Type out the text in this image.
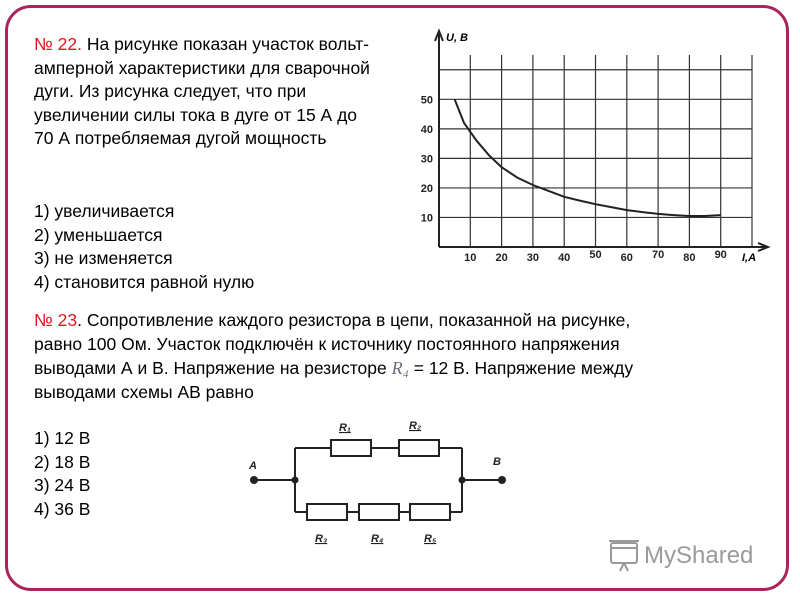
№ 22. На рисунке показан участок вольт-
амперной характеристики для сварочной
дуги. Из рисунка следует, что при
увеличении силы тока в дуге от 15 А до
70 А потребляемая дугой мощность
1) увеличивается
2) уменьшается
3) не изменяется
4) становится равной нулю
10 20 30 40 50 60 70 80 90
10
20
30
40
50
U, В
I,А
№ 23. Сопротивление каждого резистора в цепи, показанной на рисунке,
равно 100 Ом. Участок подключён к источнику постоянного напряжения
выводами А и В. Напряжение на резисторе R₄ = 12 В. Напряжение между
выводами схемы АВ равно
1) 12 В
2) 18 В
3) 24 В
4) 36 В
A	B
R₁	R₂
R₃	R₄	R₅
MyShared
